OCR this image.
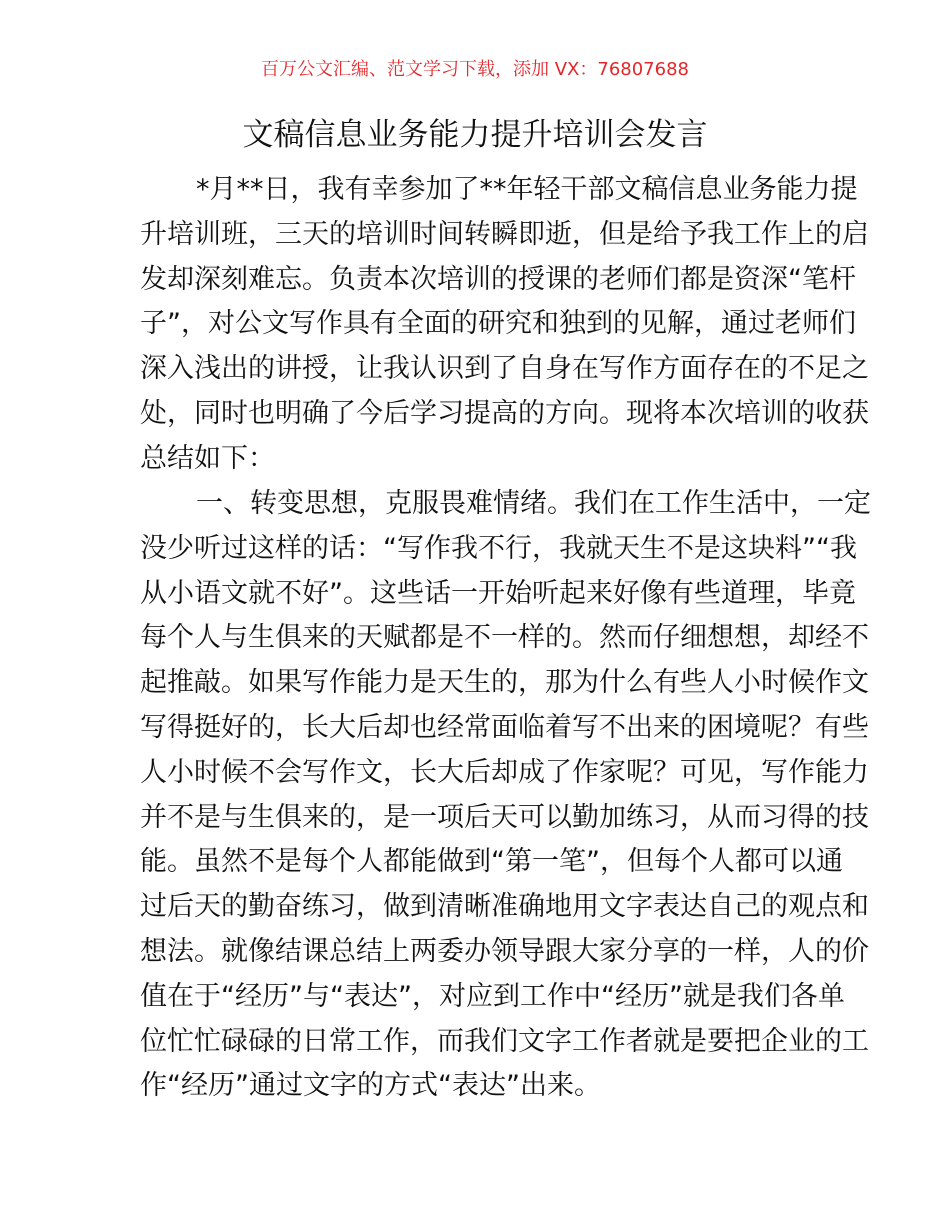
百万公文汇编、范文学习下载，添加 VX：76807688
文稿信息业务能力提升培训会发言
*月**日，我有幸参加了**年轻干部文稿信息业务能力提
升培训班，三天的培训时间转瞬即逝，但是给予我工作上的启
发却深刻难忘。负责本次培训的授课的老师们都是资深“笔杆
子”，对公文写作具有全面的研究和独到的见解，通过老师们
深入浅出的讲授，让我认识到了自身在写作方面存在的不足之
处，同时也明确了今后学习提高的方向。现将本次培训的收获
总结如下：
一、转变思想，克服畏难情绪。我们在工作生活中，一定
没少听过这样的话：“写作我不行，我就天生不是这块料”“我
从小语文就不好”。这些话一开始听起来好像有些道理，毕竟
每个人与生俱来的天赋都是不一样的。然而仔细想想，却经不
起推敲。如果写作能力是天生的，那为什么有些人小时候作文
写得挺好的，长大后却也经常面临着写不出来的困境呢？有些
人小时候不会写作文，长大后却成了作家呢？可见，写作能力
并不是与生俱来的，是一项后天可以勤加练习，从而习得的技
能。虽然不是每个人都能做到“第一笔”，但每个人都可以通
过后天的勤奋练习，做到清晰准确地用文字表达自己的观点和
想法。就像结课总结上两委办领导跟大家分享的一样，人的价
值在于“经历”与“表达”，对应到工作中“经历”就是我们各单
位忙忙碌碌的日常工作，而我们文字工作者就是要把企业的工
作“经历”通过文字的方式“表达”出来。
